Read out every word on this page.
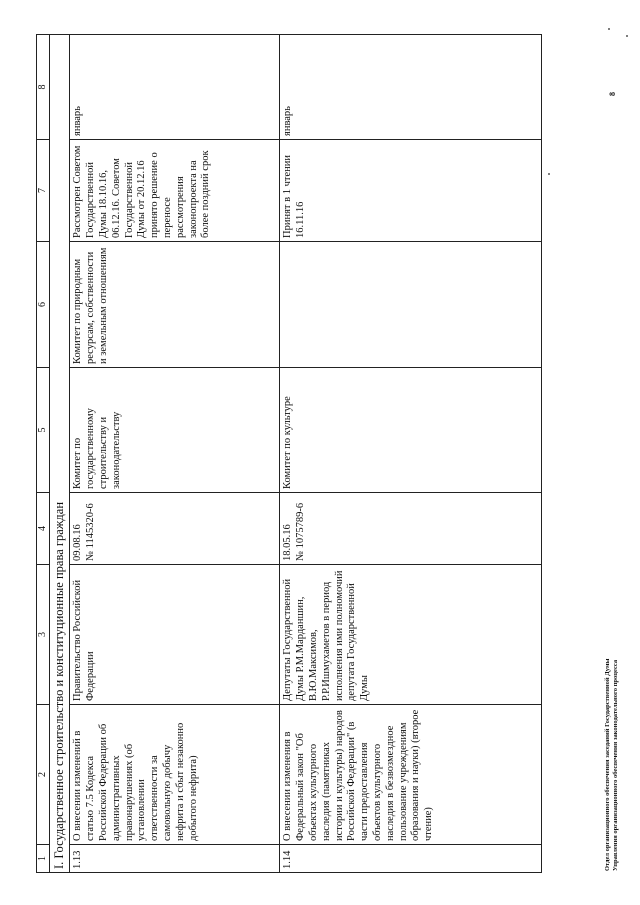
1	2	3	4	5	6	7	8
I. Государственное строительство и конституционные права граждан							
1.13	О внесении изменений в статью 7.5 Кодекса Российской Федерации об административных правонарушениях (об установлении ответственности за самовольную добычу нефрита и сбыт незаконно добытого нефрита)	Правительство Российской Федерации	09.08.16 № 1145320-6	Комитет по государственному строительству и законодательству	Комитет по природным ресурсам, собственности и земельным отношениям	Рассмотрен Советом Государственной Думы 18.10.16, 06.12.16. Советом Государственной Думы от 20.12.16 принято решение о переносе рассмотрения законопроекта на более поздний срок	январь
1.14	О внесении изменения в Федеральный закон "Об объектах культурного наследия (памятниках истории и культуры) народов Российской Федерации" (в части предоставления объектов культурного наследия в безвозмездное пользование учреждениям образования и науки) (второе чтение)	Депутаты Государственной Думы Р.М.Марданшин, В.Ю.Максимов, Р.Р.Ишмухаметов в период исполнения ими полномочий депутата Государственной Думы	18.05.16 № 1075789-6	Комитет по культуре		Принят в 1 чтении 16.11.16	январь
Отдел организационного обеспечения заседаний Государственной Думы Управления организационного обеспечения законодательного процесса
8
